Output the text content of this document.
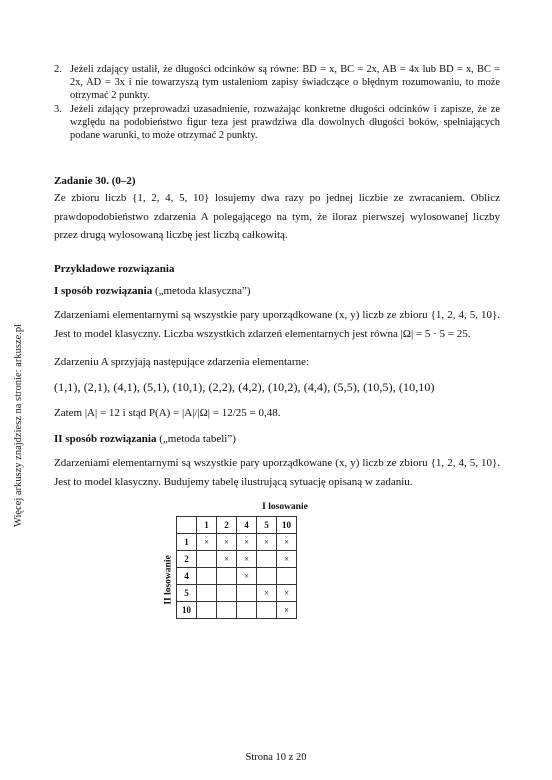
Więcej arkuszy znajdziesz na stronie: arkusze.pl
2. Jeżeli zdający ustalił, że długości odcinków są równe: BD = x, BC = 2x, AB = 4x lub BD = x, BC = 2x, AD = 3x i nie towarzyszą tym ustaleniom zapisy świadczące o błędnym rozumowaniu, to może otrzymać 2 punkty.
3. Jeżeli zdający przeprowadzi uzasadnienie, rozważając konkretne długości odcinków i zapisze, że ze względu na podobieństwo figur teza jest prawdziwa dla dowolnych długości boków, spełniających podane warunki, to może otrzymać 2 punkty.
Zadanie 30. (0–2)
Ze zbioru liczb {1, 2, 4, 5, 10} losujemy dwa razy po jednej liczbie ze zwracaniem. Oblicz prawdopodobieństwo zdarzenia A polegającego na tym, że iloraz pierwszej wylosowanej liczby przez drugą wylosowaną liczbę jest liczbą całkowitą.
Przykładowe rozwiązania
I sposób rozwiązania („metoda klasyczna”)
Zdarzeniami elementarnymi są wszystkie pary uporządkowane (x, y) liczb ze zbioru {1, 2, 4, 5, 10}. Jest to model klasyczny. Liczba wszystkich zdarzeń elementarnych jest równa |Ω| = 5 · 5 = 25.
Zdarzeniu A sprzyjają następujące zdarzenia elementarne:
(1,1), (2,1), (4,1), (5,1), (10,1), (2,2), (4,2), (10,2), (4,4), (5,5), (10,5), (10,10)
Zatem |A| = 12 i stąd P(A) = |A|/|Ω| = 12/25 = 0,48.
II sposób rozwiązania („metoda tabeli”)
Zdarzeniami elementarnymi są wszystkie pary uporządkowane (x, y) liczb ze zbioru {1, 2, 4, 5, 10}. Jest to model klasyczny. Budujemy tabelę ilustrującą sytuację opisaną w zadaniu.
I losowanie
II losowanie
	1	2	4	5	10
1	×	×	×	×	×
2		×	×		×
4			×		
5				×	×
10					×
Strona 10 z 20
